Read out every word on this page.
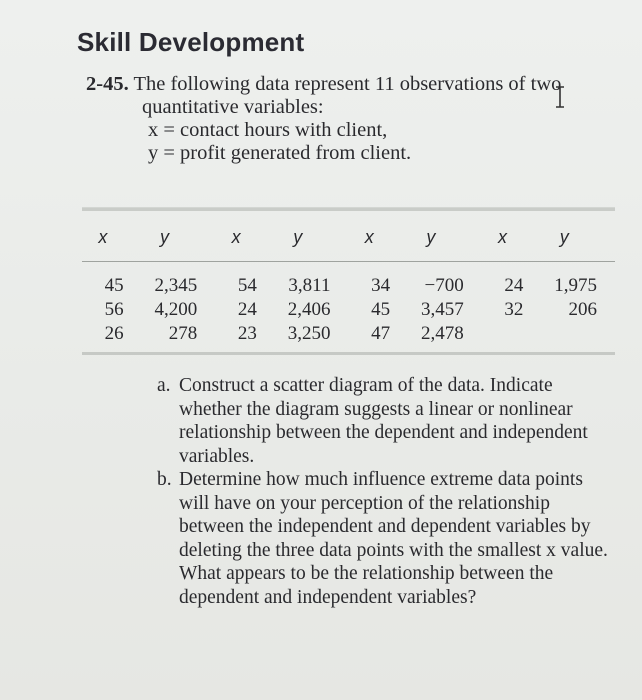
Skill Development
2-45. The following data represent 11 observations of two
quantitative variables:
x = contact hours with client,
y = profit generated from client.
x	y	x	y	x	y	x	y
45	2,345	54	3,811	34	−700	24	1,975
56	4,200	24	2,406	45	3,457	32	206
26	278	23	3,250	47	2,478		
a. Construct a scatter diagram of the data. Indicate whether the diagram suggests a linear or nonlinear relationship between the dependent and independent variables.
b. Determine how much influence extreme data points will have on your perception of the relationship between the independent and dependent variables by deleting the three data points with the smallest x value. What appears to be the relationship between the dependent and independent variables?
